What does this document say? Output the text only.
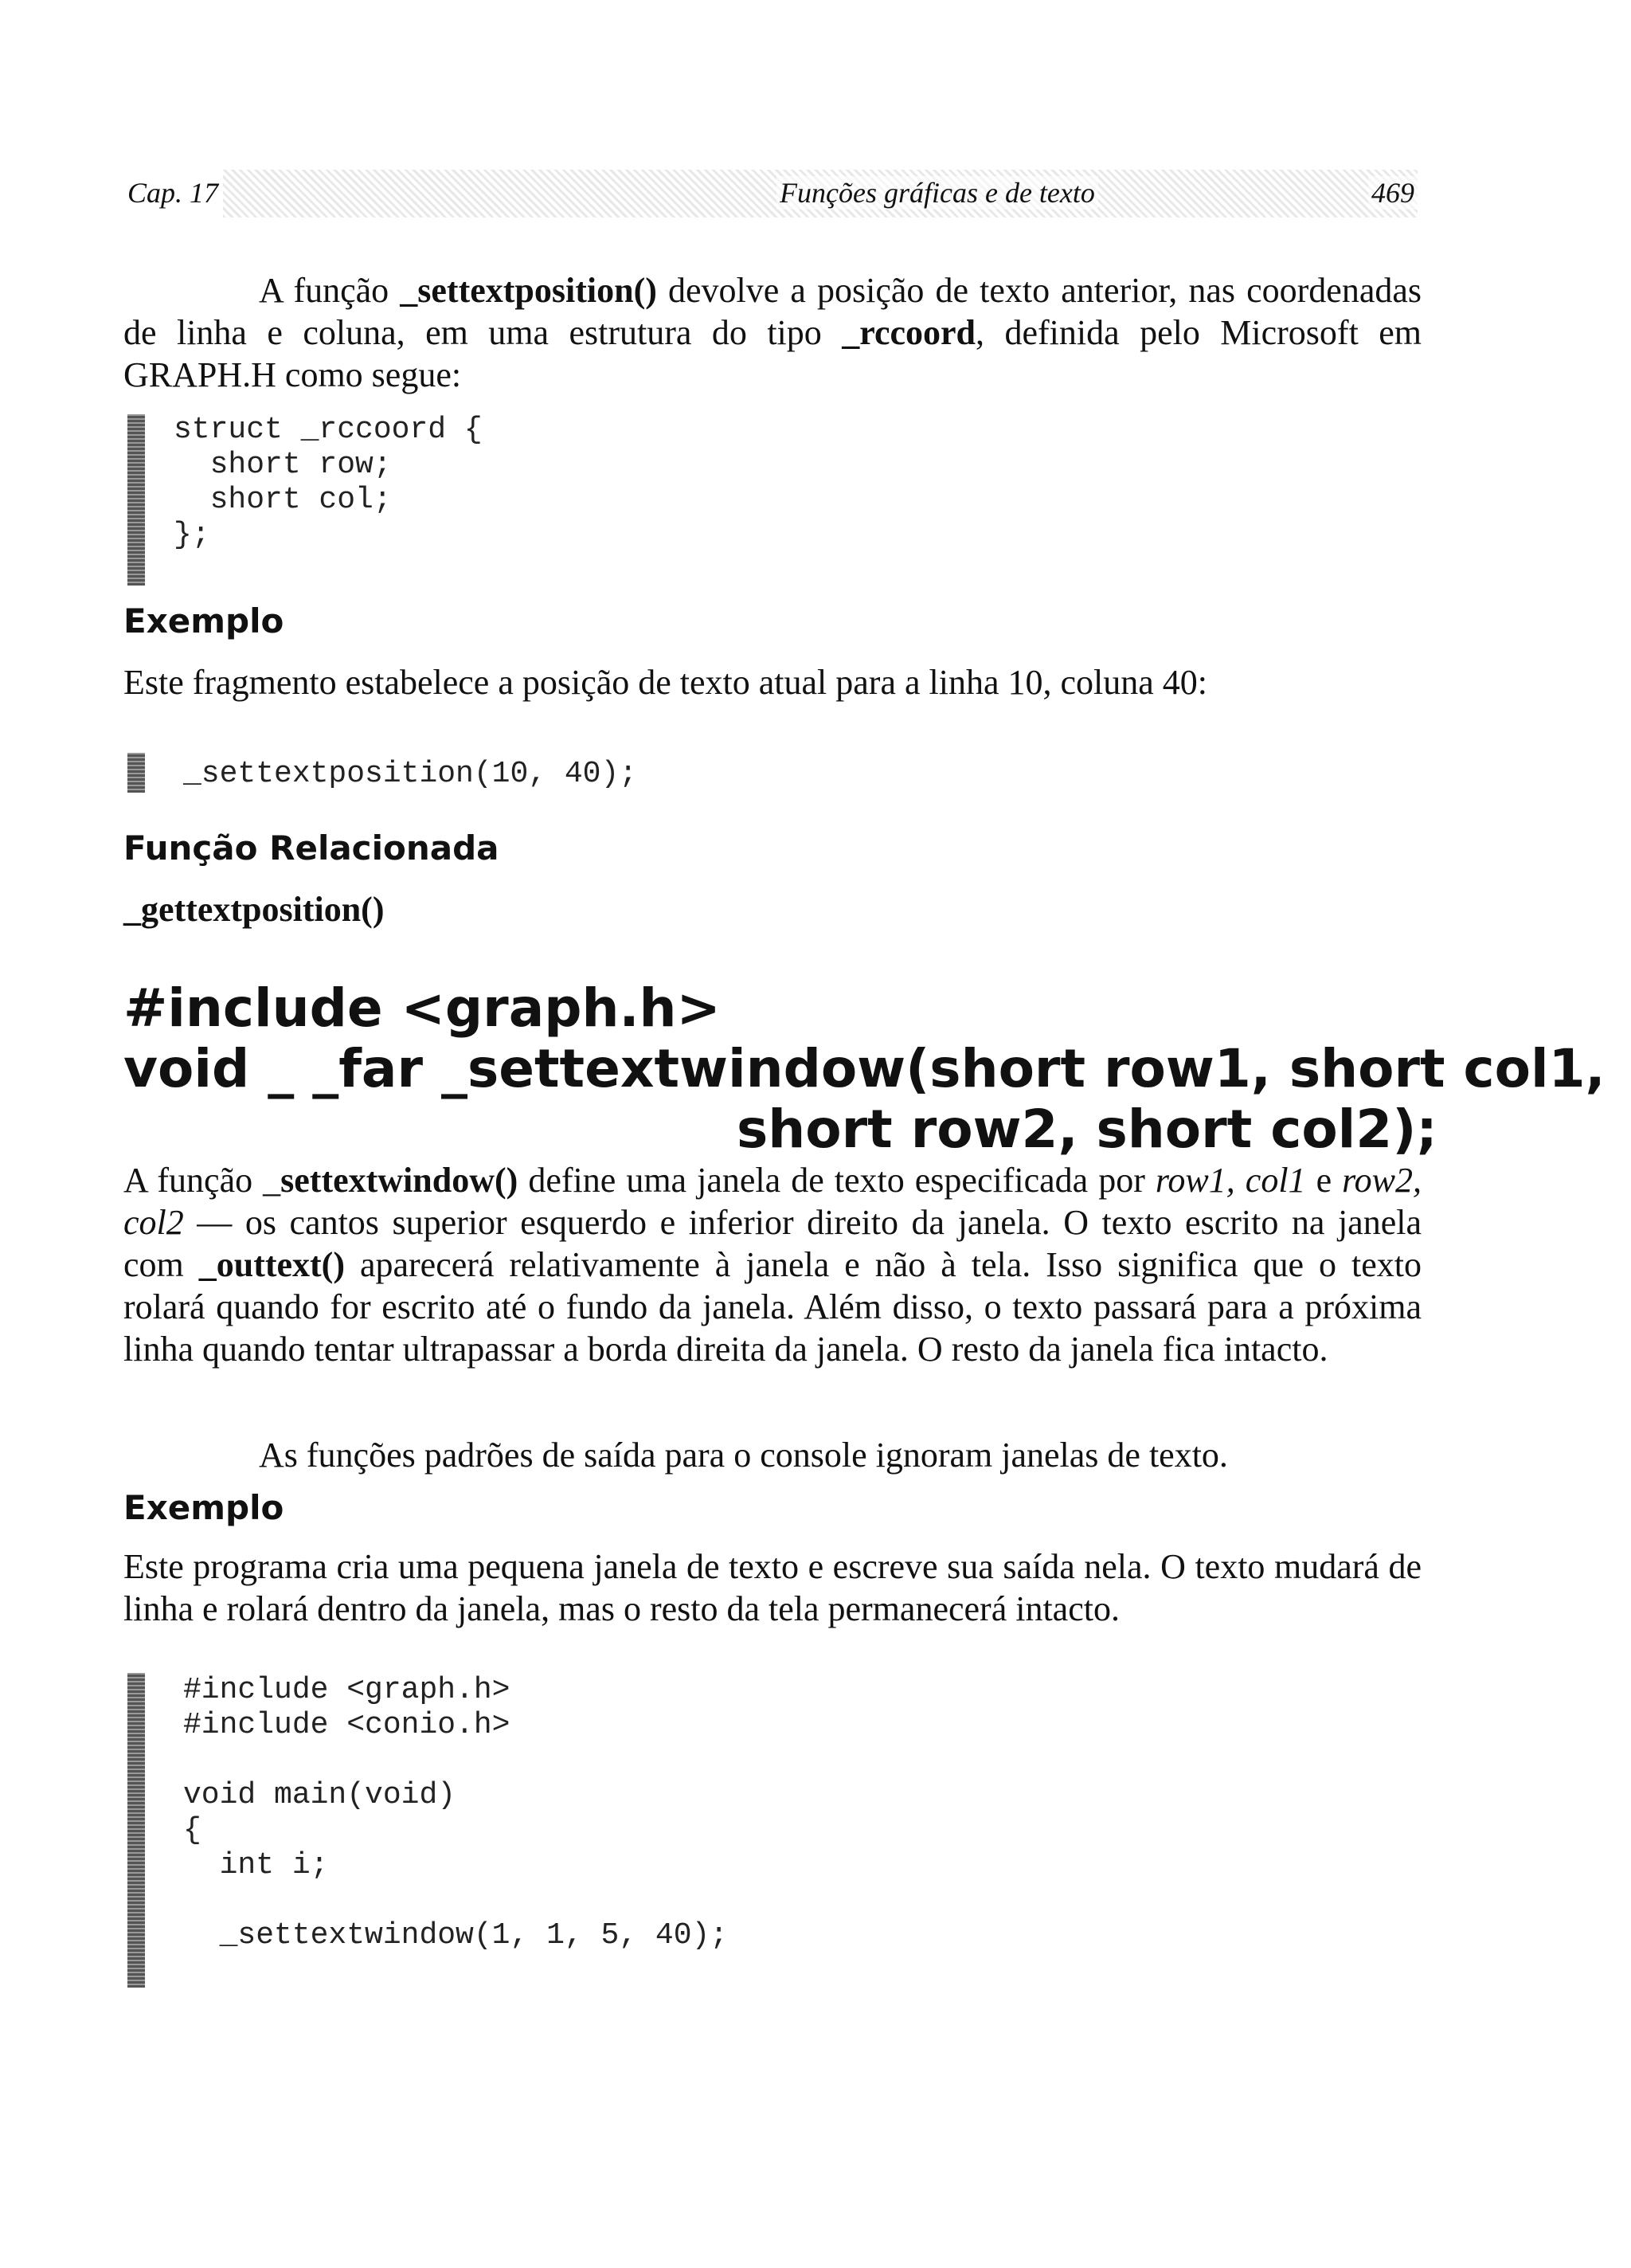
Cap. 17	Funções gráficas e de texto	469
A função _settextposition() devolve a posição de texto anterior, nas coordenadas de linha e coluna, em uma estrutura do tipo _rccoord, definida pelo Microsoft em GRAPH.H como segue:
struct _rccoord {
short row;
short col;
};
Exemplo
Este fragmento estabelece a posição de texto atual para a linha 10, coluna 40:
_settextposition(10, 40);
Função Relacionada
_gettextposition()
#include <graph.h>
void _ _far _settextwindow(short row1, short col1,
short row2, short col2);
A função _settextwindow() define uma janela de texto especificada por row1, col1 e row2, col2 — os cantos superior esquerdo e inferior direito da janela. O texto escrito na janela com _outtext() aparecerá relativamente à janela e não à tela. Isso significa que o texto rolará quando for escrito até o fundo da janela. Além disso, o texto passará para a próxima linha quando tentar ultrapassar a borda direita da janela. O resto da janela fica intacto.
As funções padrões de saída para o console ignoram janelas de texto.
Exemplo
Este programa cria uma pequena janela de texto e escreve sua saída nela. O texto mudará de linha e rolará dentro da janela, mas o resto da tela permanecerá intacto.
#include <graph.h>
#include <conio.h>

void main(void)
{
int i;

_settextwindow(1, 1, 5, 40);
